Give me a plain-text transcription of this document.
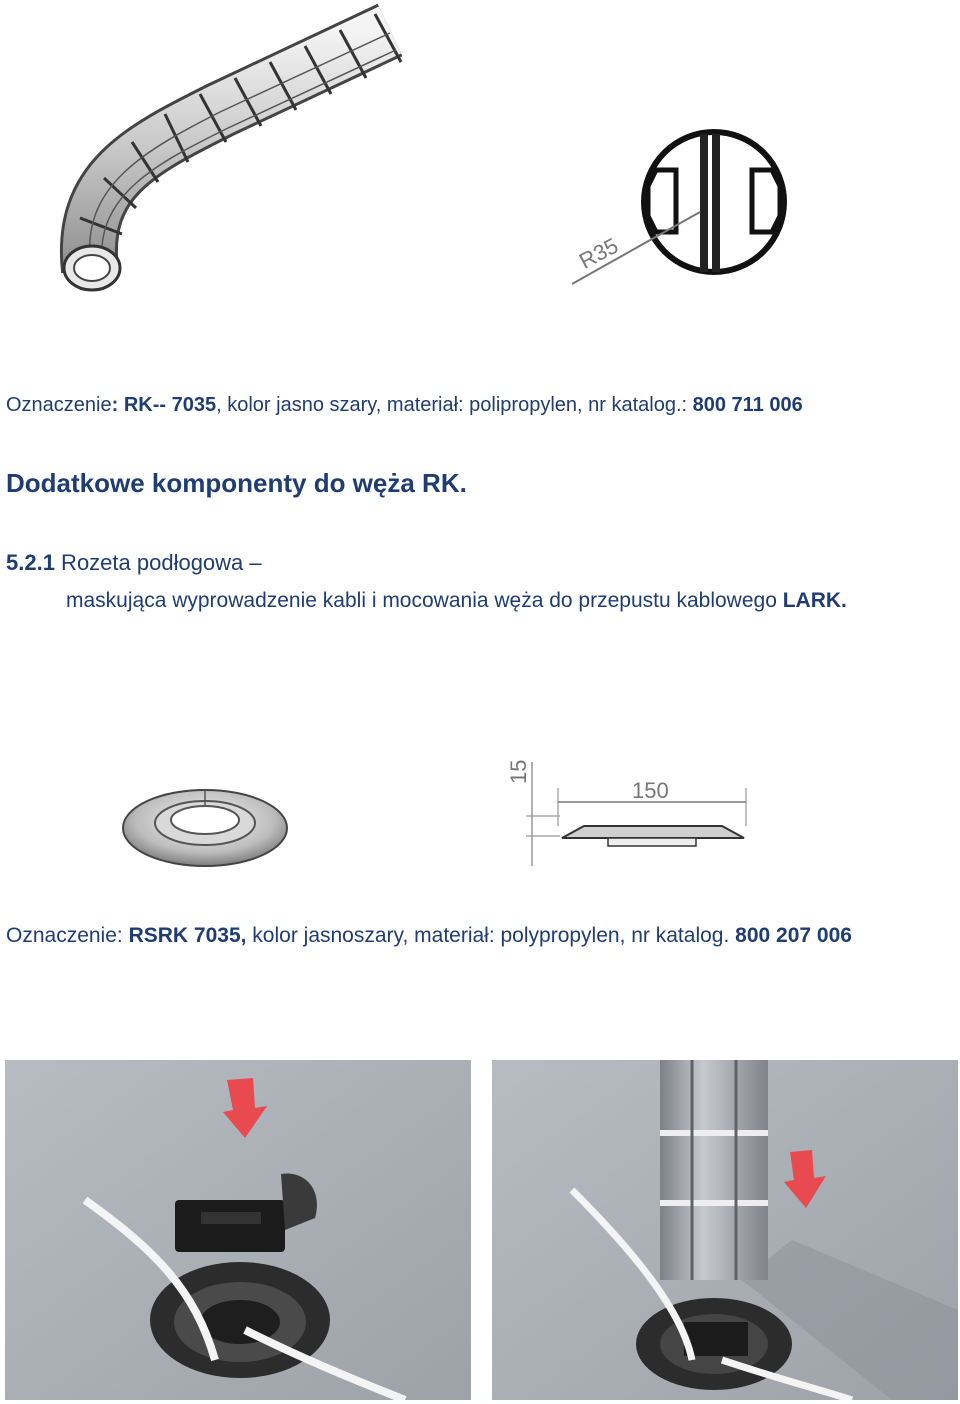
R35
Oznaczenie: RK-- 7035, kolor jasno szary, materiał: polipropylen, nr katalog.: 800 711 006
Dodatkowe komponenty do węża RK.
5.2.1 Rozeta podłogowa –
maskująca wyprowadzenie kabli i mocowania węża do przepustu kablowego LARK.
15
150
Oznaczenie: RSRK 7035, kolor jasnoszary, materiał: polypropylen, nr katalog. 800 207 006
